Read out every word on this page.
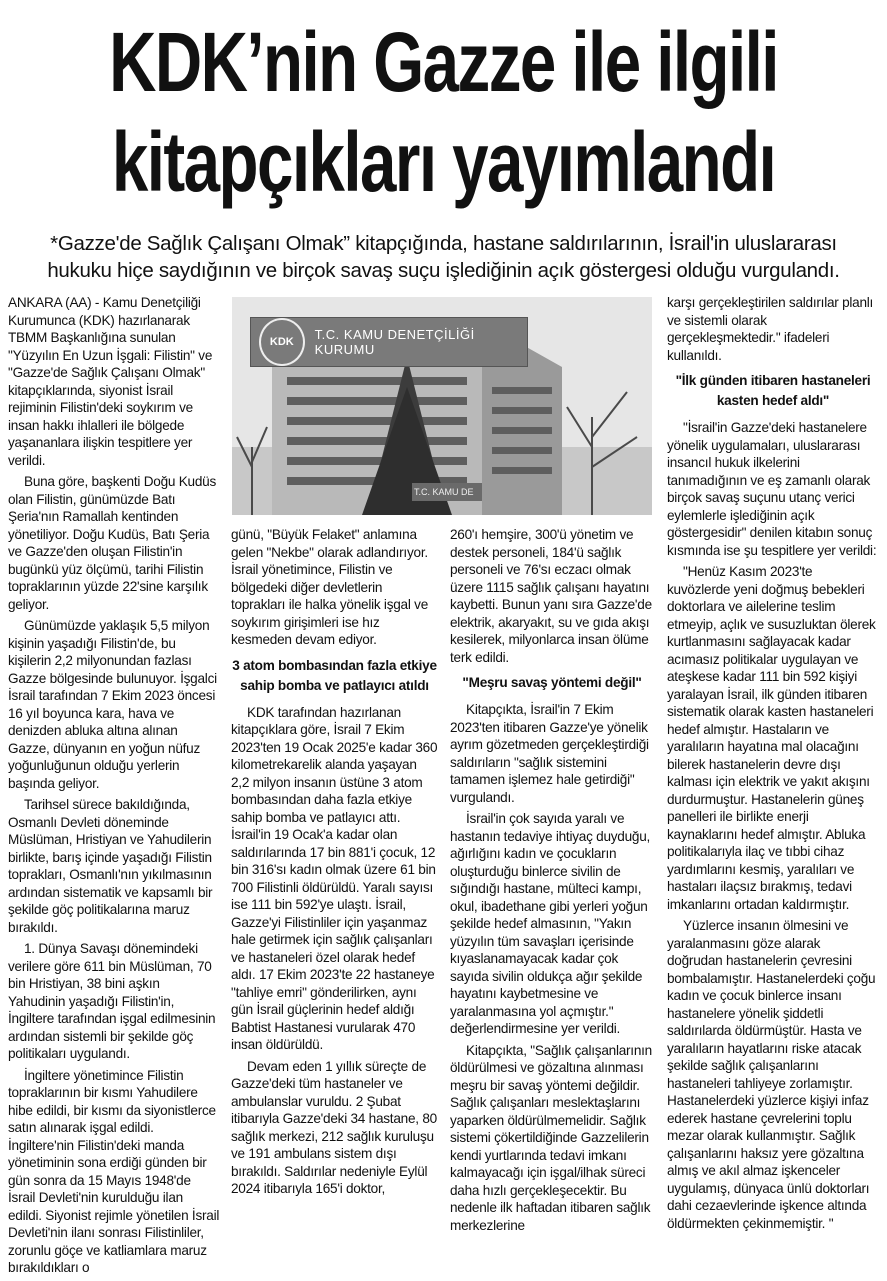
KDK’nin Gazze ile ilgili
kitapçıkları yayımlandı
*Gazze'de Sağlık Çalışanı Olmak” kitapçığında, hastane saldırılarının, İsrail'in uluslararası
hukuku hiçe saydığının ve birçok savaş suçu işlediğinin açık göstergesi olduğu vurgulandı.
KDK	T.C. KAMU DENETÇİLİĞİ KURUMU
T.C. KAMU DE

ANKARA (AA) - Kamu Denetçiliği Kurumunca (KDK) hazırlanarak TBMM Başkanlığına sunulan "Yüzyılın En Uzun İşgali: Filistin" ve "Gazze'de Sağlık Çalışanı Olmak" kitapçıklarında, siyonist İsrail rejiminin Filistin'deki soykırım ve insan hakkı ihlalleri ile bölgede yaşananlara ilişkin tespitlere yer verildi.

Buna göre, başkenti Doğu Kudüs olan Filistin, günümüzde Batı Şeria'nın Ramallah kentinden yönetiliyor. Doğu Kudüs, Batı Şeria ve Gazze'den oluşan Filistin'in bugünkü yüz ölçümü, tarihi Filistin topraklarının yüzde 22'sine karşılık geliyor.

Günümüzde yaklaşık 5,5 milyon kişinin yaşadığı Filistin'de, bu kişilerin 2,2 milyonundan fazlası Gazze bölgesinde bulunuyor. İşgalci İsrail tarafından 7 Ekim 2023 öncesi 16 yıl boyunca kara, hava ve denizden abluka altına alınan Gazze, dünyanın en yoğun nüfuz yoğunluğunun olduğu yerlerin başında geliyor.

Tarihsel sürece bakıldığında, Osmanlı Devleti döneminde Müslüman, Hristiyan ve Yahudilerin birlikte, barış içinde yaşadığı Filistin toprakları, Osmanlı'nın yıkılmasının ardından sistematik ve kapsamlı bir şekilde göç politikalarına maruz bırakıldı.

1. Dünya Savaşı dönemindeki verilere göre 611 bin Müslüman, 70 bin Hristiyan, 38 bini aşkın Yahudinin yaşadığı Filistin'in, İngiltere tarafından işgal edilmesinin ardından sistemli bir şekilde göç politikaları uygulandı.

İngiltere yönetimince Filistin topraklarının bir kısmı Yahudilere hibe edildi, bir kısmı da siyonistlerce satın alınarak işgal edildi. İngiltere'nin Filistin'deki manda yönetiminin sona erdiği günden bir gün sonra da 15 Mayıs 1948'de İsrail Devleti'nin kurulduğu ilan edildi. Siyonist rejimle yönetilen İsrail Devleti'nin ilanı sonrası Filistinliler, zorunlu göçe ve katliamlara maruz bırakıldıkları o

günü, "Büyük Felaket" anlamına gelen "Nekbe" olarak adlandırıyor. İsrail yönetimince, Filistin ve bölgedeki diğer devletlerin toprakları ile halka yönelik işgal ve soykırım girişimleri ise hız kesmeden devam ediyor.

3 atom bombasından fazla etkiye sahip bomba ve patlayıcı atıldı

KDK tarafından hazırlanan kitapçıklara göre, İsrail 7 Ekim 2023'ten 19 Ocak 2025'e kadar 360 kilometrekarelik alanda yaşayan 2,2 milyon insanın üstüne 3 atom bombasından daha fazla etkiye sahip bomba ve patlayıcı attı. İsrail'in 19 Ocak'a kadar olan saldırılarında 17 bin 881'i çocuk, 12 bin 316'sı kadın olmak üzere 61 bin 700 Filistinli öldürüldü. Yaralı sayısı ise 111 bin 592'ye ulaştı. İsrail, Gazze'yi Filistinliler için yaşanmaz hale getirmek için sağlık çalışanları ve hastaneleri özel olarak hedef aldı. 17 Ekim 2023'te 22 hastaneye "tahliye emri" gönderilirken, aynı gün İsrail güçlerinin hedef aldığı Babtist Hastanesi vurularak 470 insan öldürüldü.

Devam eden 1 yıllık süreçte de Gazze'deki tüm hastaneler ve ambulanslar vuruldu. 2 Şubat itibarıyla Gazze'deki 34 hastane, 80 sağlık merkezi, 212 sağlık kuruluşu ve 191 ambulans sistem dışı bırakıldı. Saldırılar nedeniyle Eylül 2024 itibarıyla 165'i doktor,

260'ı hemşire, 300'ü yönetim ve destek personeli, 184'ü sağlık personeli ve 76'sı eczacı olmak üzere 1115 sağlık çalışanı hayatını kaybetti. Bunun yanı sıra Gazze'de elektrik, akaryakıt, su ve gıda akışı kesilerek, milyonlarca insan ölüme terk edildi.

"Meşru savaş yöntemi değil"

Kitapçıkta, İsrail'in 7 Ekim 2023'ten itibaren Gazze'ye yönelik ayrım gözetmeden gerçekleştirdiği saldırıların "sağlık sistemini tamamen işlemez hale getirdiği" vurgulandı.

İsrail'in çok sayıda yaralı ve hastanın tedaviye ihtiyaç duyduğu, ağırlığını kadın ve çocukların oluşturduğu binlerce sivilin de sığındığı hastane, mülteci kampı, okul, ibadethane gibi yerleri yoğun şekilde hedef almasının, "Yakın yüzyılın tüm savaşları içerisinde kıyaslanamayacak kadar çok sayıda sivilin oldukça ağır şekilde hayatını kaybetmesine ve yaralanmasına yol açmıştır." değerlendirmesine yer verildi.

Kitapçıkta, "Sağlık çalışanlarının öldürülmesi ve gözaltına alınması meşru bir savaş yöntemi değildir. Sağlık çalışanları meslektaşlarını yaparken öldürülmemelidir. Sağlık sistemi çökertildiğinde Gazzelilerin kendi yurtlarında tedavi imkanı kalmayacağı için işgal/ilhak süreci daha hızlı gerçekleşecektir. Bu nedenle ilk haftadan itibaren sağlık merkezlerine

karşı gerçekleştirilen saldırılar planlı ve sistemli olarak gerçekleşmektedir." ifadeleri kullanıldı.

"İlk günden itibaren hastaneleri kasten hedef aldı"

"İsrail'in Gazze'deki hastanelere yönelik uygulamaları, uluslararası insancıl hukuk ilkelerini tanımadığının ve eş zamanlı olarak birçok savaş suçunu utanç verici eylemlerle işlediğinin açık göstergesidir" denilen kitabın sonuç kısmında ise şu tespitlere yer verildi:

"Henüz Kasım 2023'te kuvözlerde yeni doğmuş bebekleri doktorlara ve ailelerine teslim etmeyip, açlık ve susuzluktan ölerek kurtlanmasını sağlayacak kadar acımasız politikalar uygulayan ve ateşkese kadar 111 bin 592 kişiyi yaralayan İsrail, ilk günden itibaren sistematik olarak kasten hastaneleri hedef almıştır. Hastaların ve yaralıların hayatına mal olacağını bilerek hastanelerin devre dışı kalması için elektrik ve yakıt akışını durdurmuştur. Hastanelerin güneş panelleri ile birlikte enerji kaynaklarını hedef almıştır. Abluka politikalarıyla ilaç ve tıbbi cihaz yardımlarını kesmiş, yaralıları ve hastaları ilaçsız bırakmış, tedavi imkanlarını ortadan kaldırmıştır.

Yüzlerce insanın ölmesini ve yaralanmasını göze alarak doğrudan hastanelerin çevresini bombalamıştır. Hastanelerdeki çoğu kadın ve çocuk binlerce insanı hastanelere yönelik şiddetli saldırılarda öldürmüştür. Hasta ve yaralıların hayatlarını riske atacak şekilde sağlık çalışanlarını hastaneleri tahliyeye zorlamıştır. Hastanelerdeki yüzlerce kişiyi infaz ederek hastane çevrelerini toplu mezar olarak kullanmıştır. Sağlık çalışanlarını haksız yere gözaltına almış ve akıl almaz işkenceler uygulamış, dünyaca ünlü doktorları dahi cezaevlerinde işkence altında öldürmekten çekinmemiştir. "
